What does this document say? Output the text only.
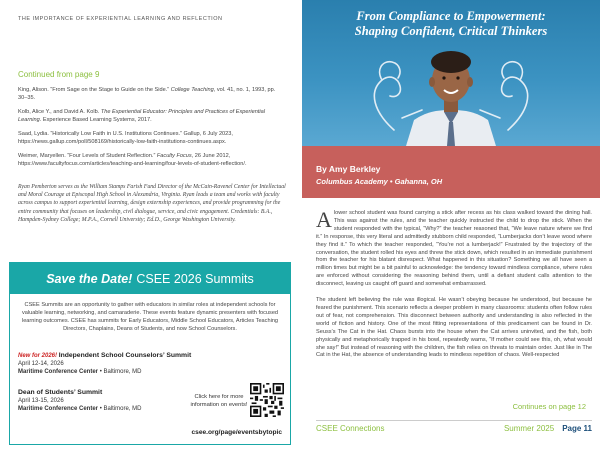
THE IMPORTANCE OF EXPERIENTIAL LEARNING AND REFLECTION
Continued from page 9
King, Alison. “From Sage on the Stage to Guide on the Side.” College Teaching, vol. 41, no. 1, 1993, pp. 30–35.
Kolb, Alice Y., and David A. Kolb. The Experiential Educator: Principles and Practices of Experiential Learning. Experience Based Learning Systems, 2017.
Saad, Lydia. “Historically Low Faith in U.S. Institutions Continues.” Gallup, 6 July 2023, https://news.gallup.com/poll/508169/historically-low-faith-institutions-continues.aspx.
Weimer, Maryellen. “Four Levels of Student Reflection.” Faculty Focus, 26 June 2012, https://www.facultyfocus.com/articles/teaching-and-learning/four-levels-of-student-reflection/.
Ryan Pemberton serves as the William Stamps Farish Fund Director of the McCain-Ravenel Center for Intellectual and Moral Courage at Episcopal High School in Alexandria, Virginia. Ryan leads a team and works with faculty across campus to support experiential learning, design externship experiences, and provide programming for the entire community that focuses on leadership, civil dialogue, service, and civic engagement. Credentials: B.A., Hampden-Sydney College; M.P.A., Cornell University; Ed.D., George Washington University.
Save the Date! CSEE 2026 Summits
CSEE Summits are an opportunity to gather with educators in similar roles at independent schools for valuable learning, networking, and camaraderie. These events feature dynamic presenters with focused learning outcomes. CSEE has summits for Early Educators, Middle School Educators, Articles Teaching Directors, Chaplains, Deans of Students, and now School Counselors.
New for 2026! Independent School Counselors’ Summit
April 12-14, 2026
Maritime Conference Center • Baltimore, MD
Dean of Students’ Summit
April 13-15, 2026
Maritime Conference Center • Baltimore, MD
Click here for more information on events!
csee.org/page/eventsbytopic
From Compliance to Empowerment:
Shaping Confident, Critical Thinkers
By Amy Berkley
Columbus Academy • Gahanna, OH

Alower school student was found carrying a stick after recess as his class walked toward the dining hall. This was against the rules, and the teacher quickly instructed the child to drop the stick. When the student responded with the typical, “Why?” the teacher reasoned that, “We leave nature where we find it.” In response, this very literal and admittedly stubborn child responded, “Lumberjacks don’t leave wood where they find it.” To which the teacher responded, “You’re not a lumberjack!” Frustrated by the trajectory of the conversation, the student rolled his eyes and threw the stick down, which resulted in an immediate punishment from the teacher for his blatant disrespect. What happened in this situation? Something we all have seen a million times but might be a bit painful to acknowledge: the tendency toward mindless compliance, where rules are enforced without considering the reasoning behind them, until a defiant student calls attention to the disconnect, leaving us caught off guard and somewhat embarrassed.

The student left believing the rule was illogical. He wasn’t obeying because he understood, but because he feared the punishment. This scenario reflects a deeper problem in many classrooms: students often follow rules out of fear, not comprehension. This disconnect between authority and understanding is also reflected in the world of fiction and history. One of the most fitting representations of this predicament can be found in Dr. Seuss’s The Cat in the Hat. Chaos bursts into the house when the Cat arrives uninvited, and the fish, both physically and metaphorically trapped in his bowl, repeatedly warns, “If mother could see this, oh, what would she say!” But instead of reasoning with the children, the fish relies on threats to maintain order. Just like in The Cat in the Hat, the absence of understanding leads to mindless repetition of chaos. Well-respected

Continues on page 12
CSEE Connections	Summer 2025 Page 11
